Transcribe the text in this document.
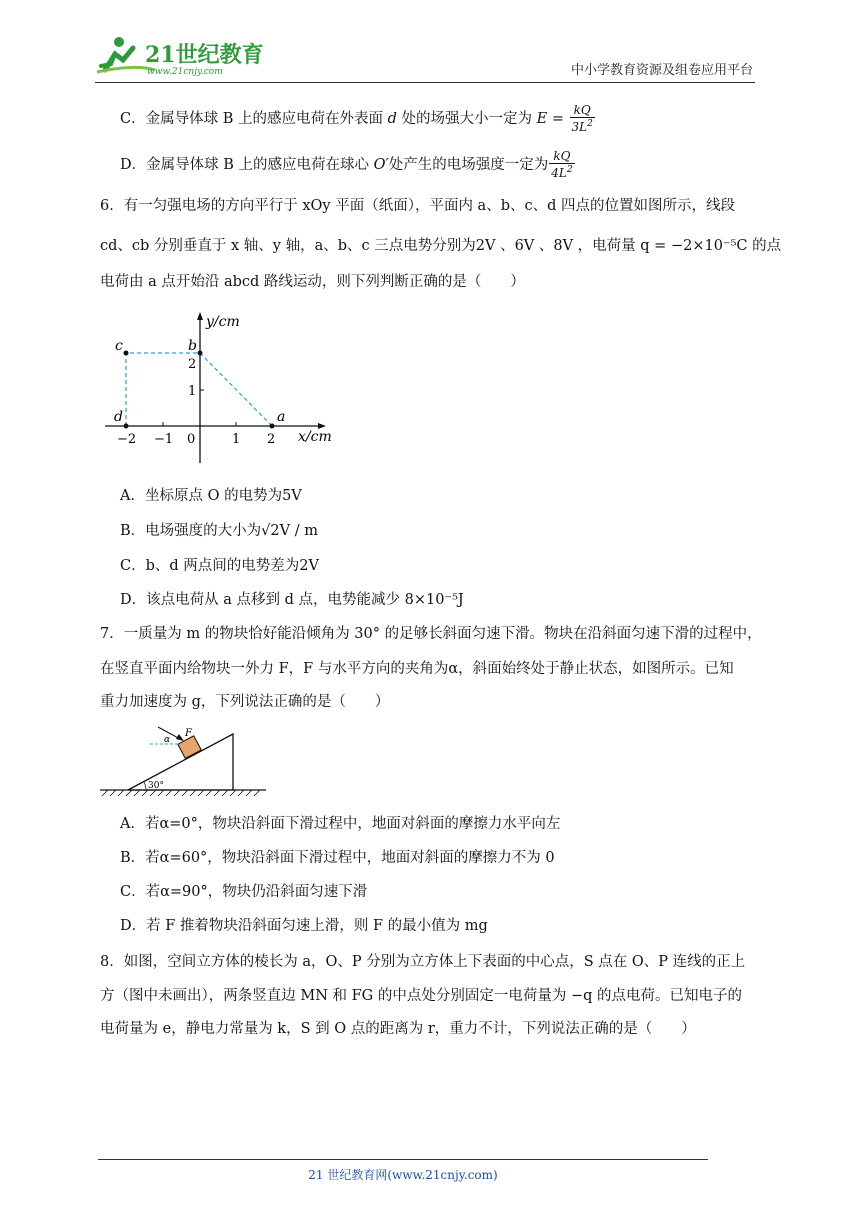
21世纪教育
www.21cnjy.com	中小学教育资源及组卷应用平台
C．金属导体球 B 上的感应电荷在外表面 d 处的场强大小一定为 $E = \frac{kQ}{3L^2}$
D．金属导体球 B 上的感应电荷在球心 O′处产生的电场强度一定为 $\frac{kQ}{4L^2}$
6．有一匀强电场的方向平行于 xOy 平面（纸面），平面内 a、b、c、d 四点的位置如图所示，线段
cd、cb 分别垂直于 x 轴、y 轴，a、b、c 三点电势分别为2V 、6V 、8V ，电荷量 q = −2×10⁻⁵C 的点
电荷由 a 点开始沿 abcd 路线运动，则下列判断正确的是（　　）
y/cm
x/cm
−2 −1 0	1 2
1
2
c	b
d	a
A．坐标原点 O 的电势为5V
B．电场强度的大小为√2V / m
C．b、d 两点间的电势差为2V
D．该点电荷从 a 点移到 d 点，电势能减少 8×10⁻⁵J
7．一质量为 m 的物块恰好能沿倾角为 30° 的足够长斜面匀速下滑。物块在沿斜面匀速下滑的过程中，
在竖直平面内给物块一外力 F，F 与水平方向的夹角为α，斜面始终处于静止状态，如图所示。已知
重力加速度为 g，下列说法正确的是（　　）
30°
F
α
A．若α=0°，物块沿斜面下滑过程中，地面对斜面的摩擦力水平向左
B．若α=60°，物块沿斜面下滑过程中，地面对斜面的摩擦力不为 0
C．若α=90°，物块仍沿斜面匀速下滑
D．若 F 推着物块沿斜面匀速上滑，则 F 的最小值为 mg
8．如图，空间立方体的棱长为 a，O、P 分别为立方体上下表面的中心点，S 点在 O、P 连线的正上
方（图中未画出），两条竖直边 MN 和 FG 的中点处分别固定一电荷量为 −q 的点电荷。已知电子的
电荷量为 e，静电力常量为 k，S 到 O 点的距离为 r，重力不计，下列说法正确的是（　　）
21 世纪教育网(www.21cnjy.com)
